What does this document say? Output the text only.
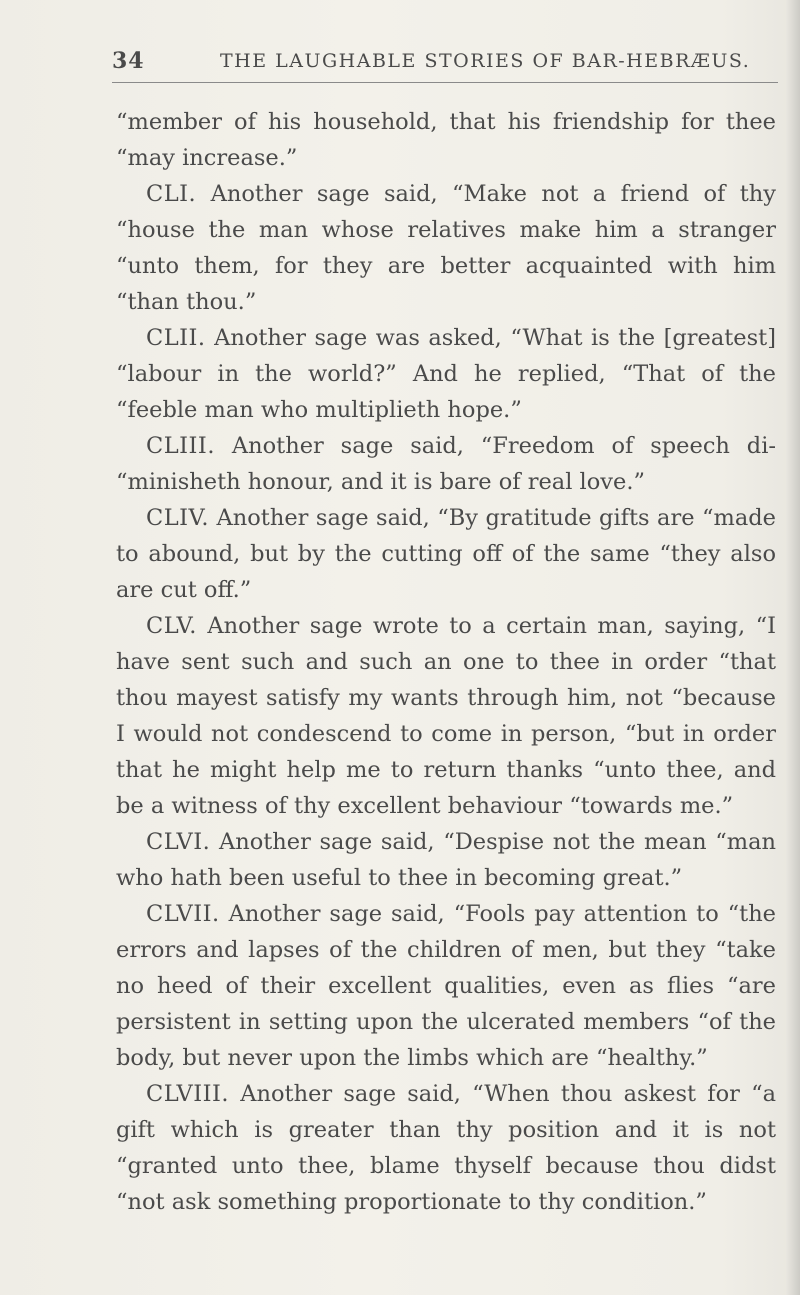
34	THE LAUGHABLE STORIES OF BAR-HEBRÆUS.

“member of his household, that his friendship for thee “may increase.”

CLI. Another sage said, “Make not a friend of thy “house the man whose relatives make him a stranger “unto them, for they are better acquainted with him “than thou.”

CLII. Another sage was asked, “What is the [greatest] “labour in the world?” And he replied, “That of the “feeble man who multiplieth hope.”

CLIII. Another sage said, “Freedom of speech di- “minisheth honour, and it is bare of real love.”

CLIV. Another sage said, “By gratitude gifts are “made to abound, but by the cutting off of the same “they also are cut off.”

CLV. Another sage wrote to a certain man, saying, “I have sent such and such an one to thee in order “that thou mayest satisfy my wants through him, not “because I would not condescend to come in person, “but in order that he might help me to return thanks “unto thee, and be a witness of thy excellent behaviour “towards me.”

CLVI. Another sage said, “Despise not the mean “man who hath been useful to thee in becoming great.”

CLVII. Another sage said, “Fools pay attention to “the errors and lapses of the children of men, but they “take no heed of their excellent qualities, even as flies “are persistent in setting upon the ulcerated members “of the body, but never upon the limbs which are “healthy.”

CLVIII. Another sage said, “When thou askest for “a gift which is greater than thy position and it is not “granted unto thee, blame thyself because thou didst “not ask something proportionate to thy condition.”
